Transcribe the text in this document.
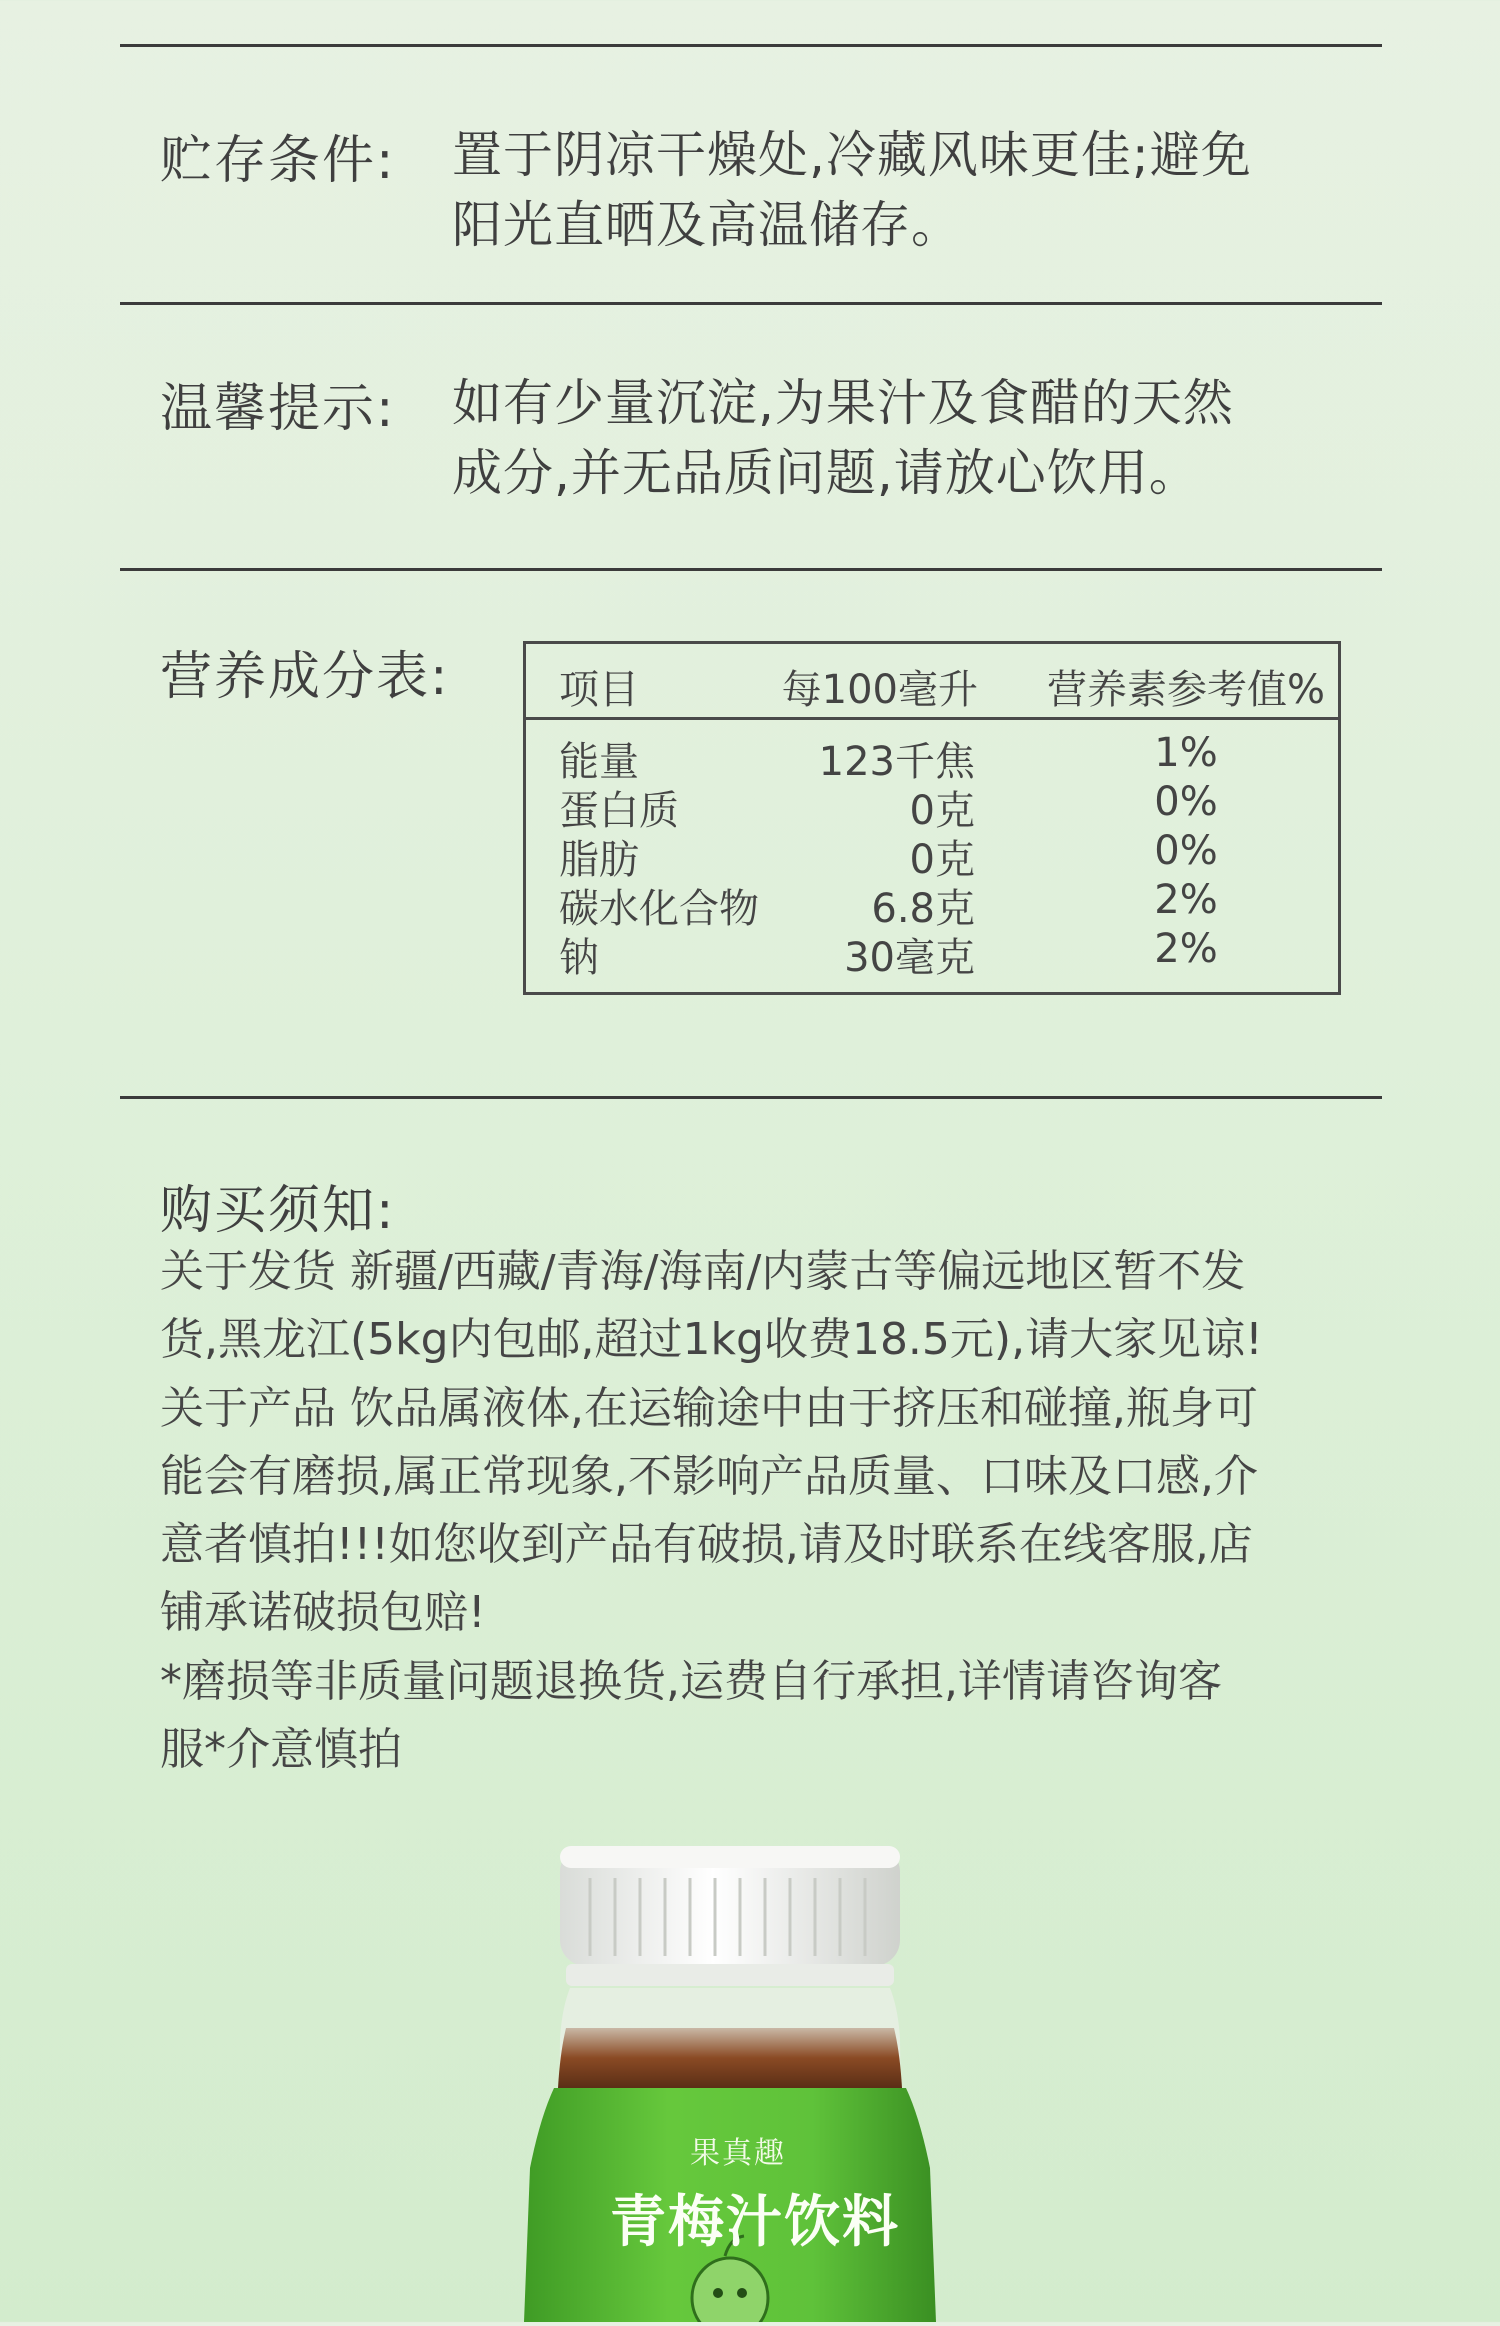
贮存条件: 置于阴凉干燥处,冷藏风味更佳;避免
阳光直晒及高温储存。
温馨提示: 如有少量沉淀,为果汁及食醋的天然
成分,并无品质问题,请放心饮用。
营养成分表:	项目	每100毫升 营养素参考值%
能量	123千焦	1%
蛋白质	0克	0%
脂肪	0克	0%
碳水化合物	6.8克	2%
钠	30毫克	2%
购买须知:
关于发货 新疆/西藏/青海/海南/内蒙古等偏远地区暂不发
货,黑龙江(5kg内包邮,超过1kg收费18.5元),请大家见谅!
关于产品 饮品属液体,在运输途中由于挤压和碰撞,瓶身可
能会有磨损,属正常现象,不影响产品质量、口味及口感,介
意者慎拍!!!如您收到产品有破损,请及时联系在线客服,店
铺承诺破损包赔!
*磨损等非质量问题退换货,运费自行承担,详情请咨询客
服*介意慎拍
果真趣
青梅汁饮料
